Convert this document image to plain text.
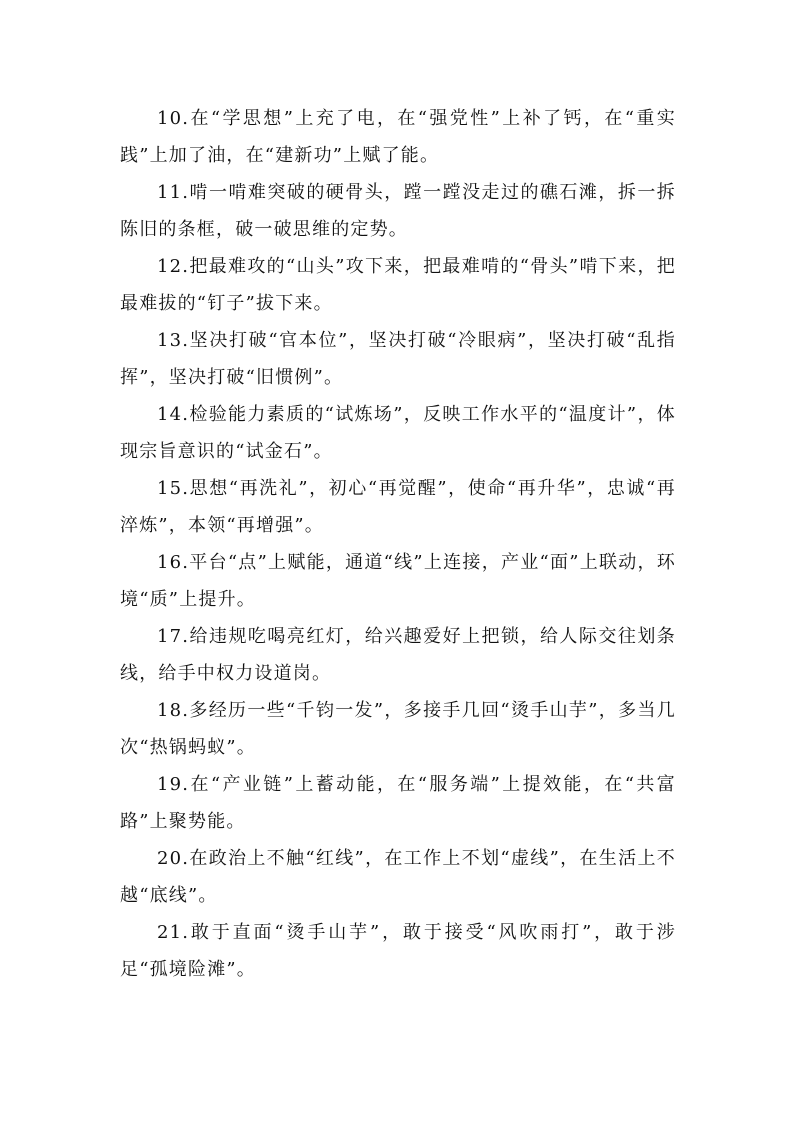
10.在“学思想”上充了电，在“强党性”上补了钙，在“重实践”上加了油，在“建新功”上赋了能。

11.啃一啃难突破的硬骨头，蹚一蹚没走过的礁石滩，拆一拆陈旧的条框，破一破思维的定势。

12.把最难攻的“山头”攻下来，把最难啃的“骨头”啃下来，把最难拔的“钉子”拔下来。

13.坚决打破“官本位”，坚决打破“冷眼病”，坚决打破“乱指挥”，坚决打破“旧惯例”。

14.检验能力素质的“试炼场”，反映工作水平的“温度计”，体现宗旨意识的“试金石”。

15.思想“再洗礼”，初心“再觉醒”，使命“再升华”，忠诚“再淬炼”，本领“再增强”。

16.平台“点”上赋能，通道“线”上连接，产业“面”上联动，环境“质”上提升。

17.给违规吃喝亮红灯，给兴趣爱好上把锁，给人际交往划条线，给手中权力设道岗。

18.多经历一些“千钧一发”，多接手几回“烫手山芋”，多当几次“热锅蚂蚁”。

19.在“产业链”上蓄动能，在“服务端”上提效能，在“共富路”上聚势能。

20.在政治上不触“红线”，在工作上不划“虚线”，在生活上不越“底线”。

21.敢于直面“烫手山芋”，敢于接受“风吹雨打”，敢于涉足“孤境险滩”。
